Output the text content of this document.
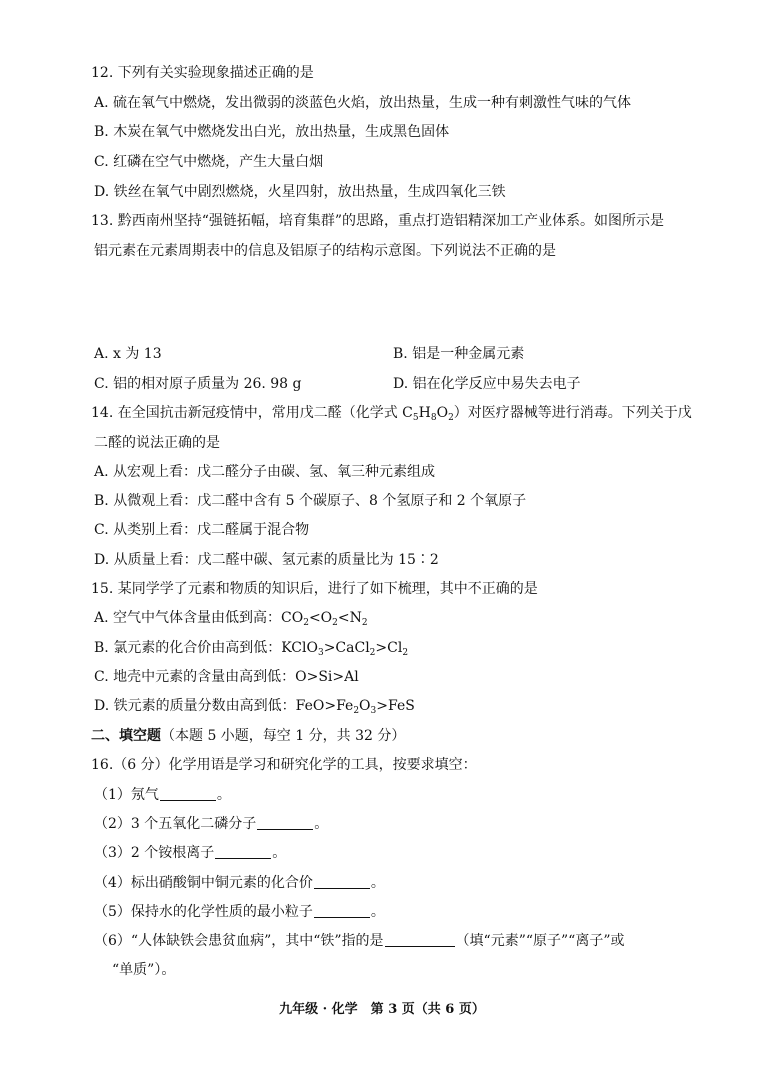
12. 下列有关实验现象描述正确的是
A. 硫在氧气中燃烧，发出微弱的淡蓝色火焰，放出热量，生成一种有刺激性气味的气体
B. 木炭在氧气中燃烧发出白光，放出热量，生成黑色固体
C. 红磷在空气中燃烧，产生大量白烟
D. 铁丝在氧气中剧烈燃烧，火星四射，放出热量，生成四氧化三铁
13. 黔西南州坚持“强链拓幅，培育集群”的思路，重点打造铝精深加工产业体系。如图所示是
铝元素在元素周期表中的信息及铝原子的结构示意图。下列说法不正确的是
A. x 为 13	B. 铝是一种金属元素
C. 铝的相对原子质量为 26. 98 g	D. 铝在化学反应中易失去电子
14. 在全国抗击新冠疫情中，常用戊二醛（化学式 $C_5H_8O_2$）对医疗器械等进行消毒。下列关于戊
二醛的说法正确的是
A. 从宏观上看：戊二醛分子由碳、氢、氧三种元素组成
B. 从微观上看：戊二醛中含有 5 个碳原子、8 个氢原子和 2 个氧原子
C. 从类别上看：戊二醛属于混合物
D. 从质量上看：戊二醛中碳、氢元素的质量比为 15∶2
15. 某同学学了元素和物质的知识后，进行了如下梳理，其中不正确的是
A. 空气中气体含量由低到高：$CO_2<O_2<N_2$
B. 氯元素的化合价由高到低：$KClO_3>CaCl_2>Cl_2$
C. 地壳中元素的含量由高到低：O>Si>Al
D. 铁元素的质量分数由高到低：$FeO>Fe_2O_3>FeS$
二、填空题（本题 5 小题，每空 1 分，共 32 分）
16.（6 分）化学用语是学习和研究化学的工具，按要求填空：
（1）氖气	。
（2）3 个五氧化二磷分子	。
（3）2 个铵根离子	。
（4）标出硝酸铜中铜元素的化合价	。
（5）保持水的化学性质的最小粒子	。
（6）“人体缺铁会患贫血病”，其中“铁”指的是	（填“元素”“原子”“离子”或
“单质”）。
九年级 · 化学　第 3 页（共 6 页）
